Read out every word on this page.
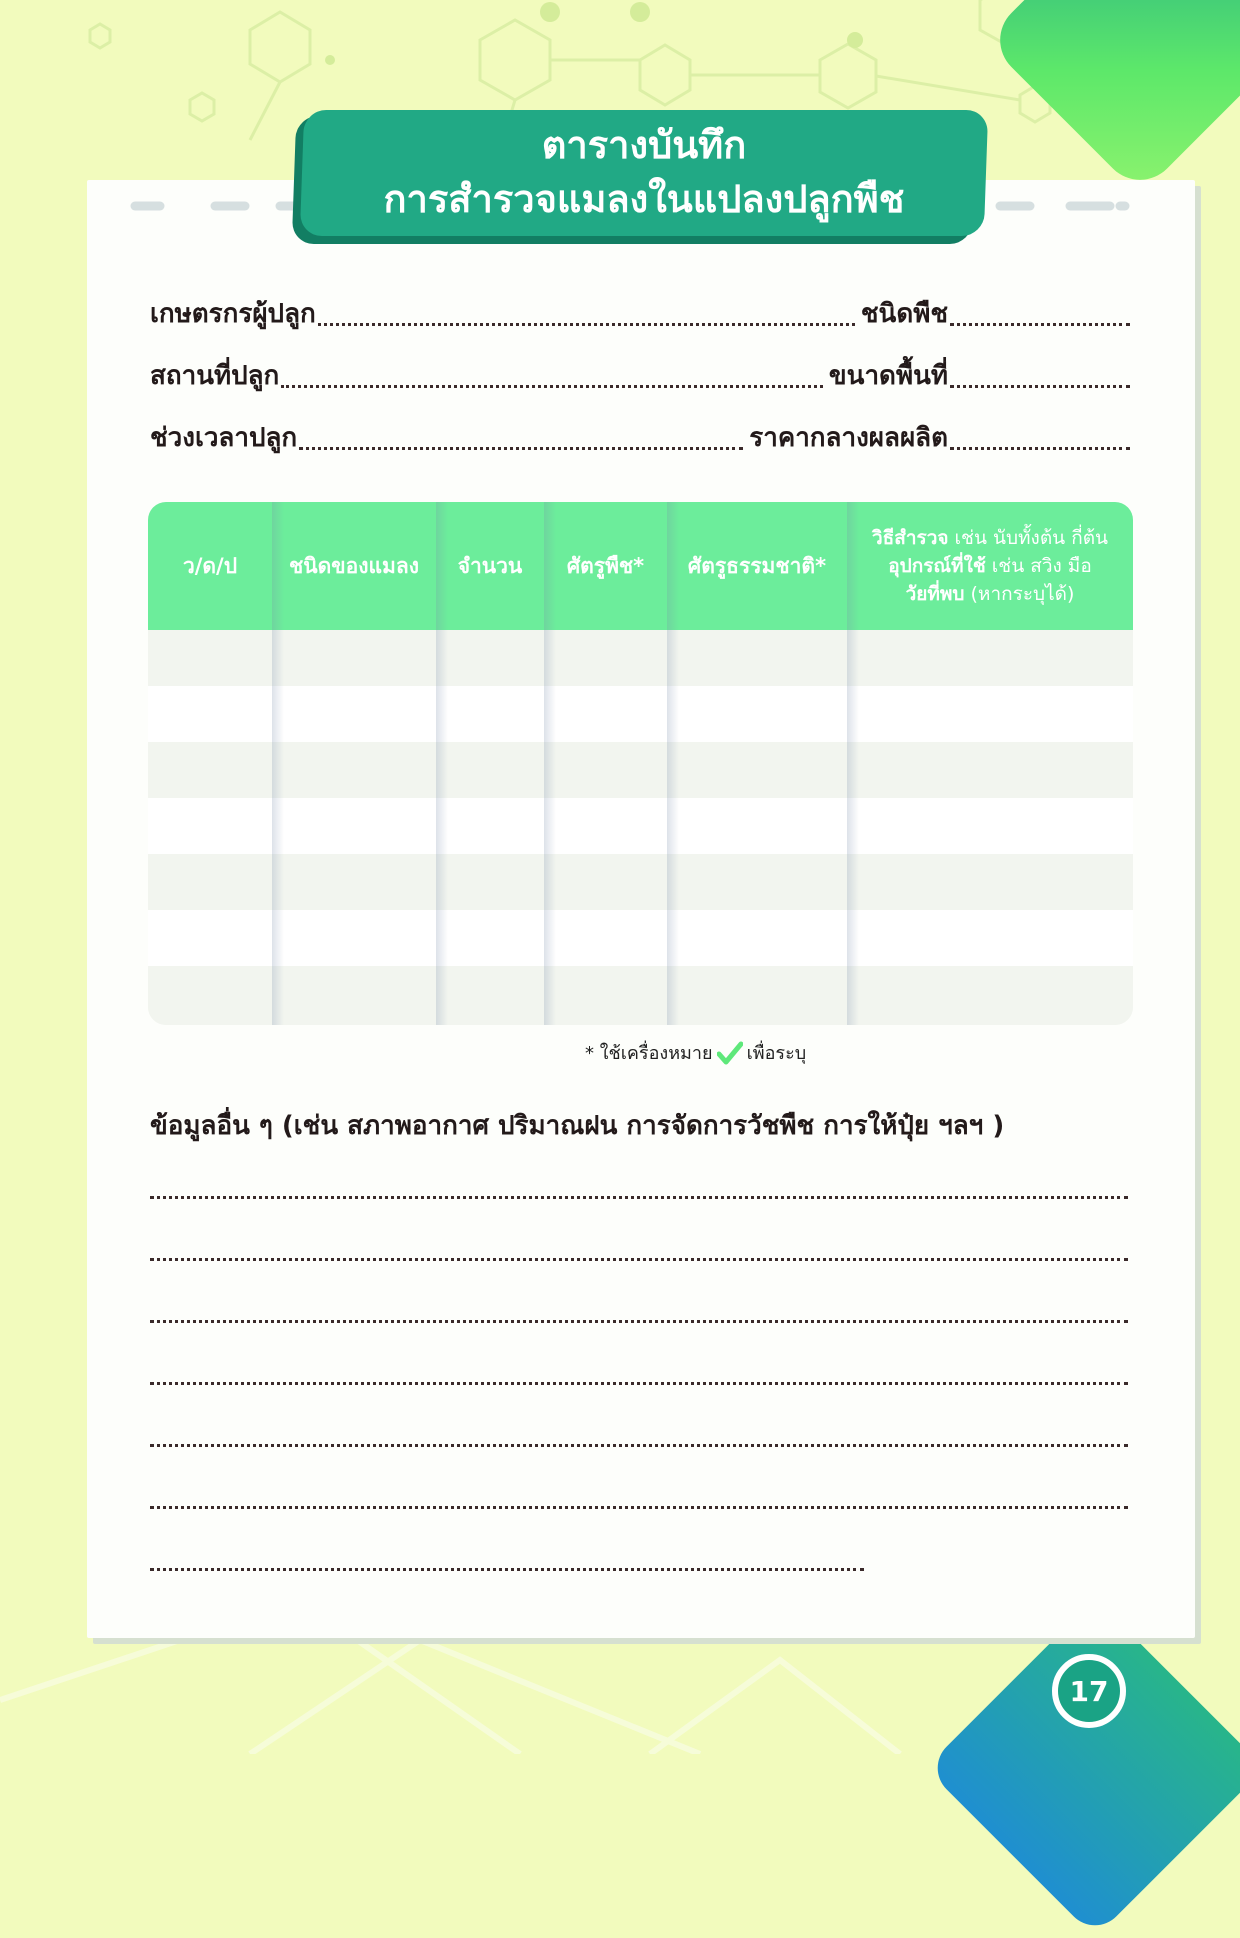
17
ตารางบันทึก
การสำรวจแมลงในแปลงปลูกพืช
เกษตรกรผู้ปลูก	ชนิดพืช
สถานที่ปลูก	ขนาดพื้นที่
ช่วงเวลาปลูก	ราคากลางผลผลิต
ว/ด/ป	ชนิดของแมลง	จำนวน	ศัตรูพืช*	ศัตรูธรรมชาติ*
วิธีสำรวจ เช่น นับทั้งต้น กี่ต้น
อุปกรณ์ที่ใช้ เช่น สวิง มือ
วัยที่พบ (หากระบุได้)
* ใช้เครื่องหมาย เพื่อระบุ
ข้อมูลอื่น ๆ (เช่น สภาพอากาศ ปริมาณฝน การจัดการวัชพืช การให้ปุ๋ย ฯลฯ )
